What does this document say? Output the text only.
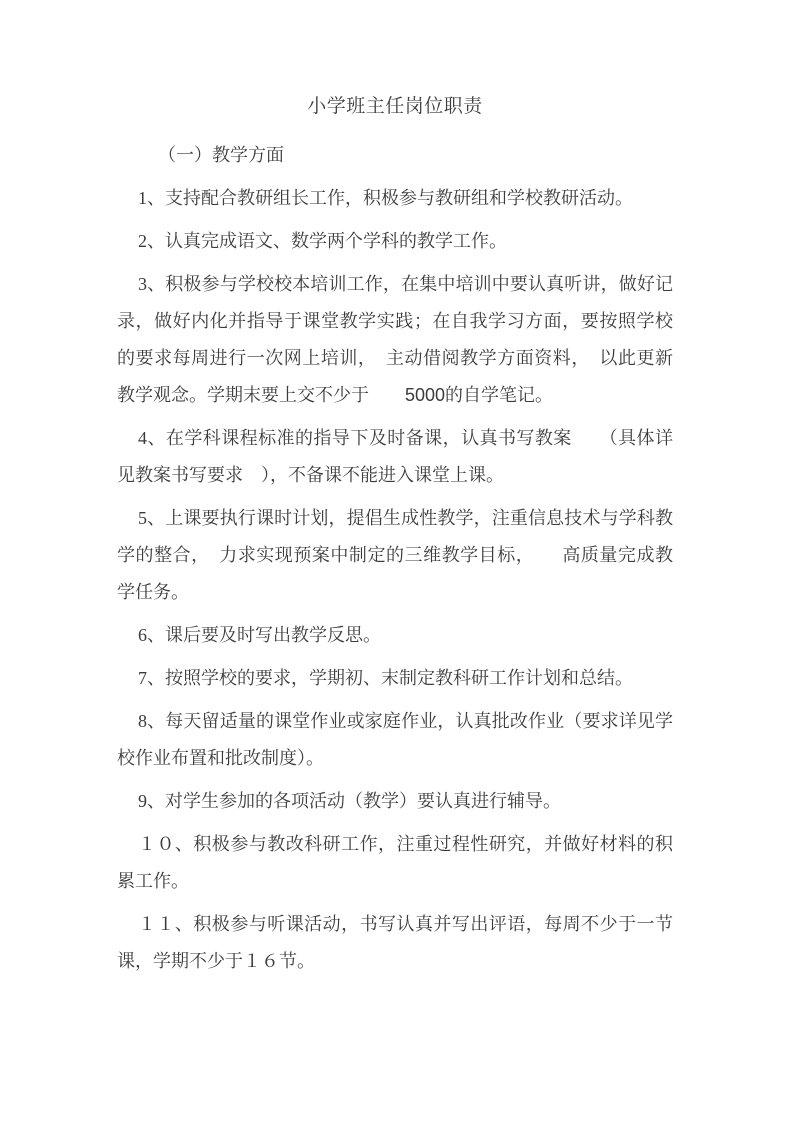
小学班主任岗位职责

（一）教学方面

1、支持配合教研组长工作，积极参与教研组和学校教研活动。

2、认真完成语文、数学两个学科的教学工作。

3、积极参与学校校本培训工作，在集中培训中要认真听讲，做好记录，做好内化并指导于课堂教学实践；在自我学习方面，要按照学校的要求每周进行一次网上培训，　主动借阅教学方面资料，　以此更新教学观念。学期末要上交不少于　　5000的自学笔记。

4、在学科课程标准的指导下及时备课，认真书写教案　　（具体详见教案书写要求　），不备课不能进入课堂上课。

5、上课要执行课时计划，提倡生成性教学，注重信息技术与学科教学的整合，　力求实现预案中制定的三维教学目标，　　高质量完成教学任务。

6、课后要及时写出教学反思。

7、按照学校的要求，学期初、末制定教科研工作计划和总结。

8、每天留适量的课堂作业或家庭作业，认真批改作业（要求详见学校作业布置和批改制度）。

9、对学生参加的各项活动（教学）要认真进行辅导。

１０、积极参与教改科研工作，注重过程性研究，并做好材料的积累工作。

１１、积极参与听课活动，书写认真并写出评语，每周不少于一节课，学期不少于１６节。
